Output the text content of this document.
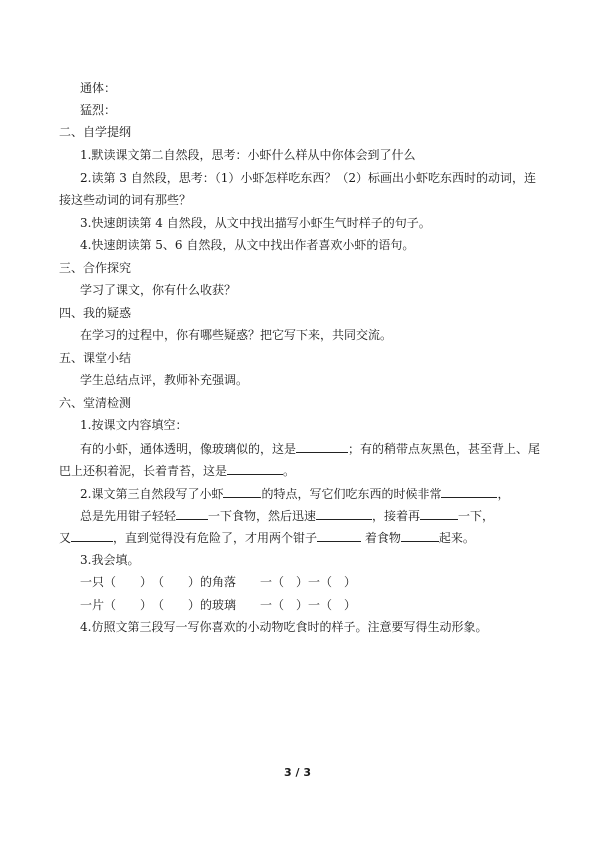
通体：
猛烈：
二、自学提纲
1.默读课文第二自然段，思考：小虾什么样从中你体会到了什么
2.读第 3 自然段，思考：（1）小虾怎样吃东西？（2）标画出小虾吃东西时的动词，连
接这些动词的词有那些？
3.快速朗读第 4 自然段，从文中找出描写小虾生气时样子的句子。
4.快速朗读第 5、6 自然段，从文中找出作者喜欢小虾的语句。
三、合作探究
学习了课文，你有什么收获？
四、我的疑惑
在学习的过程中，你有哪些疑惑？把它写下来，共同交流。
五、课堂小结
学生总结点评，教师补充强调。
六、堂清检测
1.按课文内容填空：
有的小虾，通体透明，像玻璃似的，这是	；有的稍带点灰黑色，甚至背上、尾
巴上还积着泥，长着青苔，这是	。
2.课文第三自然段写了小虾	的特点，写它们吃东西的时候非常	，
总是先用钳子轻轻	一下食物，然后迅速	，接着再	一下，
又	，直到觉得没有危险了，才用两个钳子	着食物	起来。
3.我会填。
一只（　　）　（　　）的角落　　一（　）一（　）
一片（　　）　（　　）的玻璃　　一（　）一（　）
4.仿照文第三段写一写你喜欢的小动物吃食时的样子。注意要写得生动形象。
3 / 3
